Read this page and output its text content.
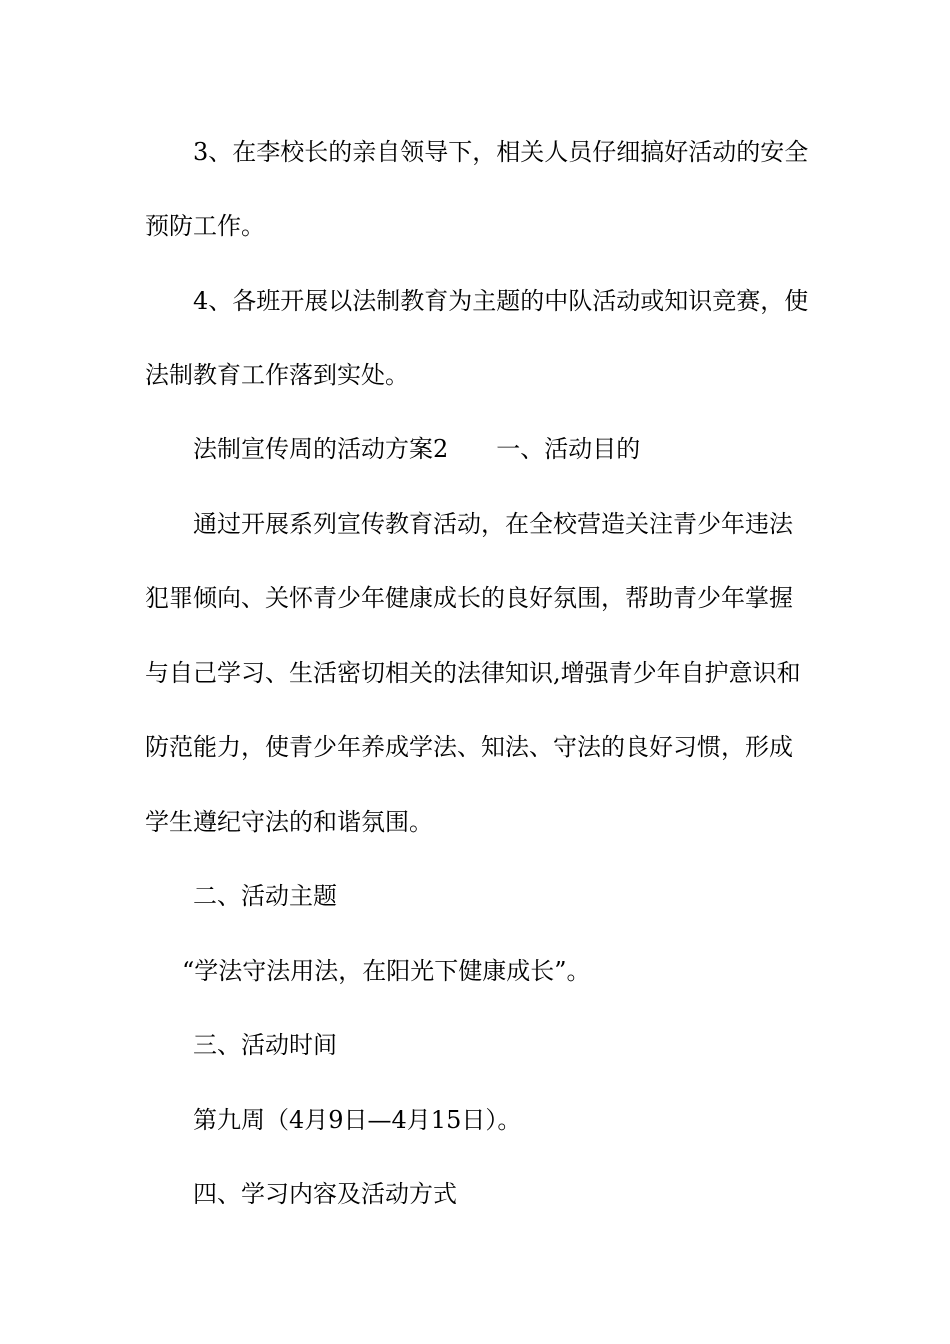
3、在李校长的亲自领导下，相关人员仔细搞好活动的安全
预防工作。
4、各班开展以法制教育为主题的中队活动或知识竞赛，使
法制教育工作落到实处。
法制宣传周的活动方案2 一、活动目的
通过开展系列宣传教育活动，在全校营造关注青少年违法
犯罪倾向、关怀青少年健康成长的良好氛围，帮助青少年掌握
与自己学习、生活密切相关的法律知识,增强青少年自护意识和
防范能力，使青少年养成学法、知法、守法的良好习惯，形成
学生遵纪守法的和谐氛围。
二、活动主题
“学法守法用法，在阳光下健康成长”。
三、活动时间
第九周（4月9日—4月15日）。
四、学习内容及活动方式
